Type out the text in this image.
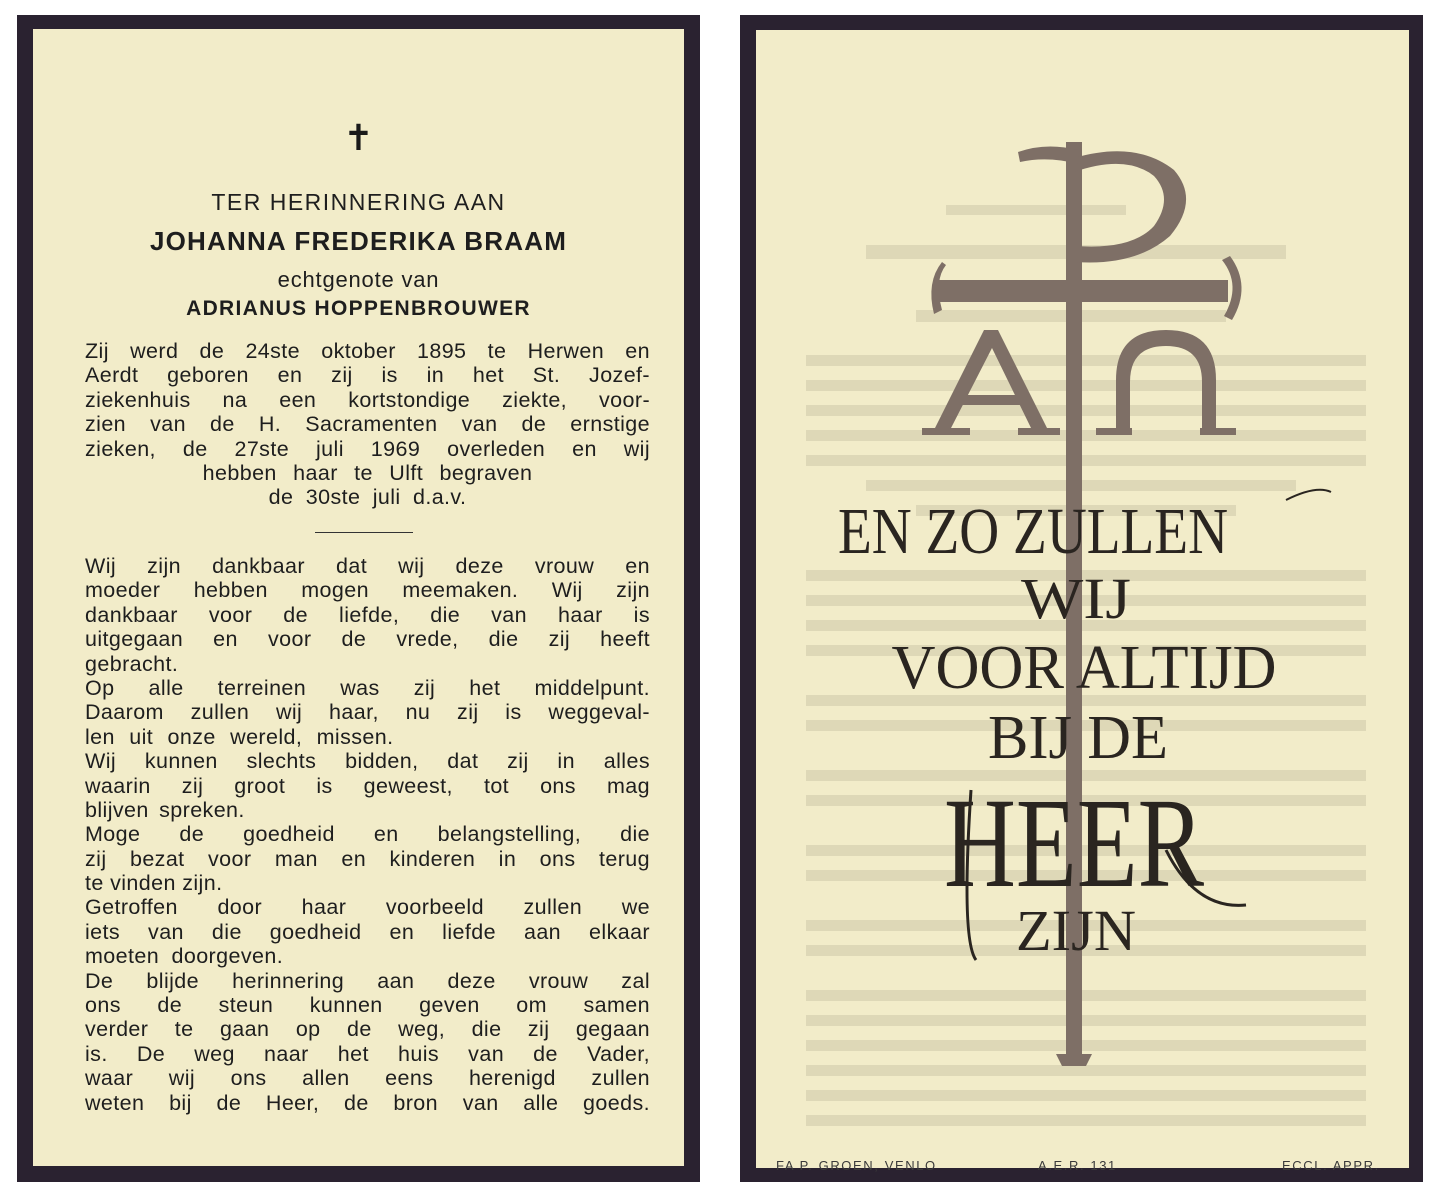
✝
TER HERINNERING AAN
JOHANNA FREDERIKA BRAAM
echtgenote van
ADRIANUS HOPPENBROUWER
Zij werd de 24ste oktober 1895 te Herwen en
Aerdt geboren en zij is in het St. Jozef-
ziekenhuis na een kortstondige ziekte, voor-
zien van de H. Sacramenten van de ernstige
zieken, de 27ste juli 1969 overleden en wij
hebben haar te Ulft begraven
de 30ste juli d.a.v.
Wij zijn dankbaar dat wij deze vrouw en
moeder hebben mogen meemaken. Wij zijn
dankbaar voor de liefde, die van haar is
uitgegaan en voor de vrede, die zij heeft
gebracht.
Op alle terreinen was zij het middelpunt.
Daarom zullen wij haar, nu zij is weggeval-
len uit onze wereld, missen.
Wij kunnen slechts bidden, dat zij in alles
waarin zij groot is geweest, tot ons mag
blijven spreken.
Moge de goedheid en belangstelling, die
zij bezat voor man en kinderen in ons terug
te vinden zijn.
Getroffen door haar voorbeeld zullen we
iets van die goedheid en liefde aan elkaar
moeten doorgeven.
De blijde herinnering aan deze vrouw zal
ons de steun kunnen geven om samen
verder te gaan op de weg, die zij gegaan
is. De weg naar het huis van de Vader,
waar wij ons allen eens herenigd zullen
weten bij de Heer, de bron van alle goeds.
EN ZO ZULLEN
WIJ
VOOR ALTIJD
BIJ DE
HEER
ZIJN
FA P. GROEN, VENLO	A.E.R. 131	ECCL. APPR.
